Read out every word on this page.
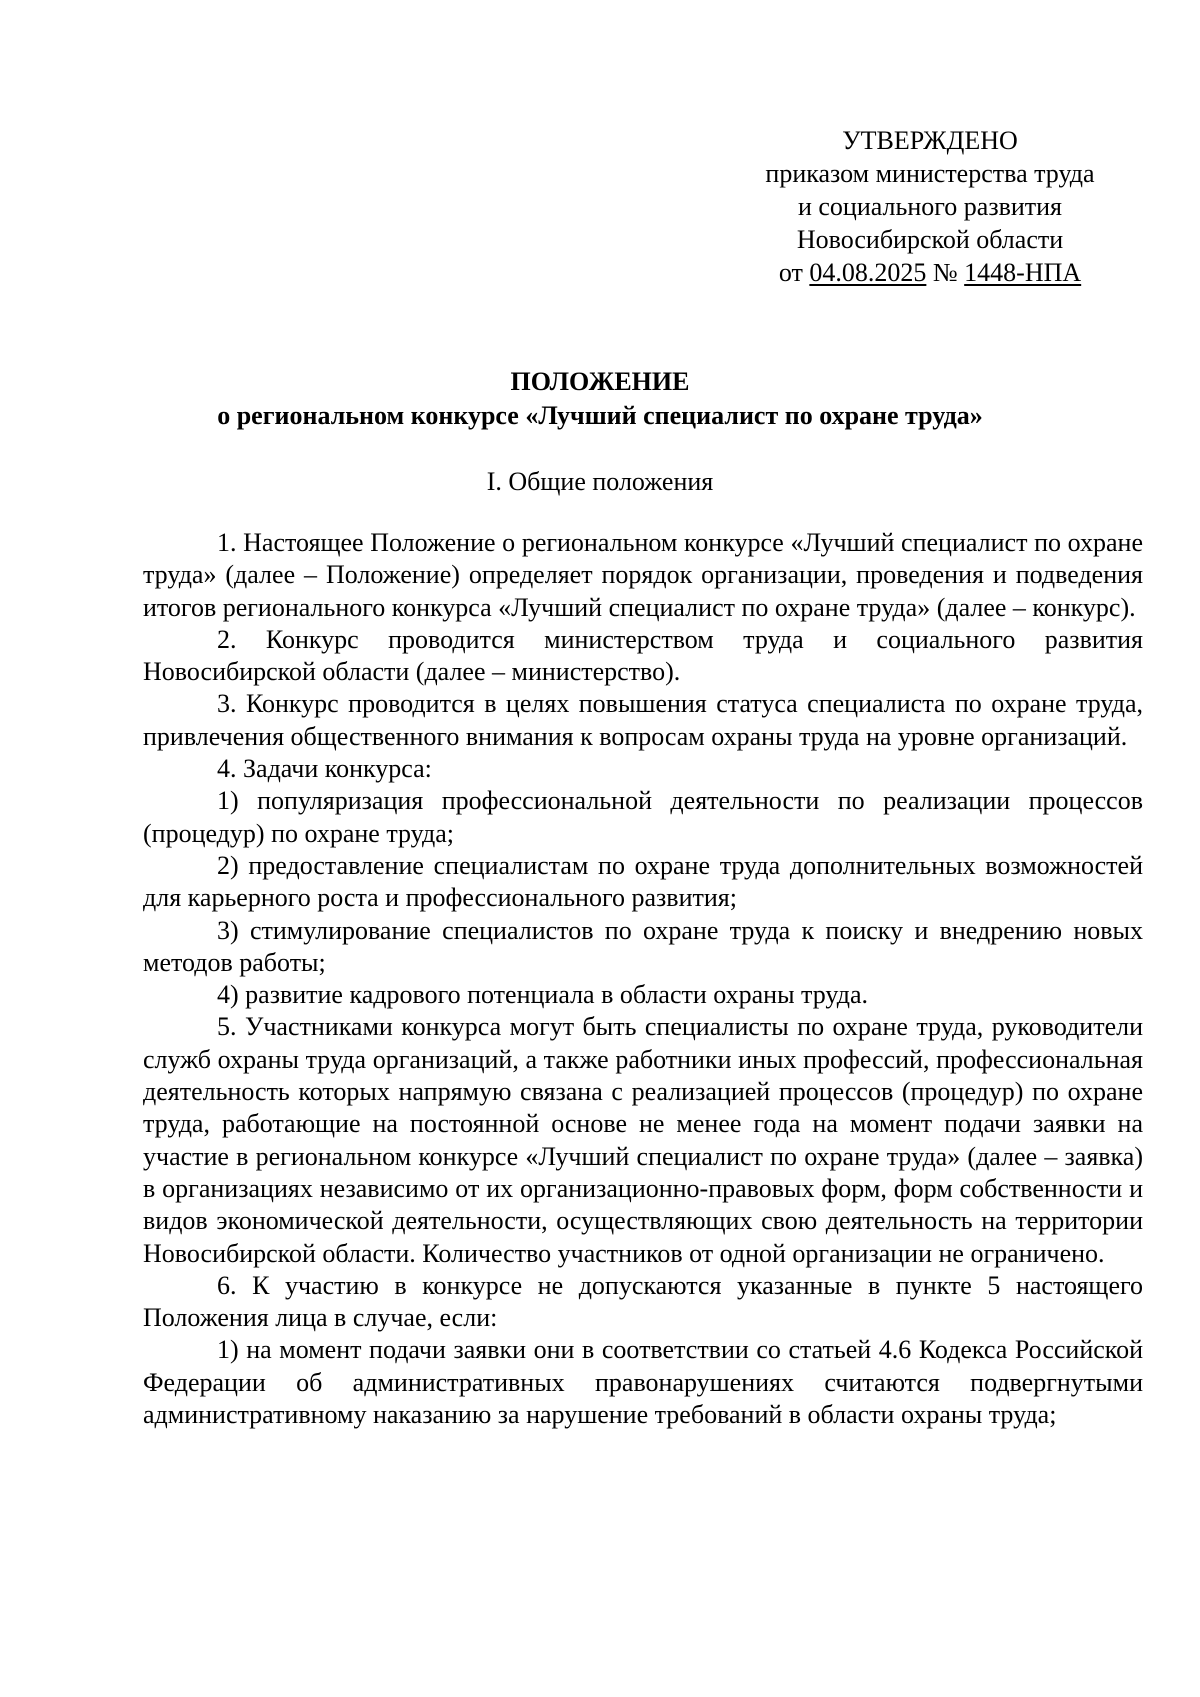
УТВЕРЖДЕНО
приказом министерства труда
и социального развития
Новосибирской области
от 04.08.2025 № 1448-НПА
ПОЛОЖЕНИЕ
о региональном конкурсе «Лучший специалист по охране труда»
I. Общие положения

1. Настоящее Положение о региональном конкурсе «Лучший специалист по охране труда» (далее – Положение) определяет порядок организации, проведения и подведения итогов регионального конкурса «Лучший специалист по охране труда» (далее – конкурс).

2. Конкурс проводится министерством труда и социального развития Новосибирской области (далее – министерство).

3. Конкурс проводится в целях повышения статуса специалиста по охране труда, привлечения общественного внимания к вопросам охраны труда на уровне организаций.

4. Задачи конкурса:

1) популяризация профессиональной деятельности по реализации процессов (процедур) по охране труда;

2) предоставление специалистам по охране труда дополнительных возможностей для карьерного роста и профессионального развития;

3) стимулирование специалистов по охране труда к поиску и внедрению новых методов работы;

4) развитие кадрового потенциала в области охраны труда.

5. Участниками конкурса могут быть специалисты по охране труда, руководители служб охраны труда организаций, а также работники иных профессий, профессиональная деятельность которых напрямую связана с реализацией процессов (процедур) по охране труда, работающие на постоянной основе не менее года на момент подачи заявки на участие в региональном конкурсе «Лучший специалист по охране труда» (далее – заявка) в организациях независимо от их организационно-правовых форм, форм собственности и видов экономической деятельности, осуществляющих свою деятельность на территории Новосибирской области. Количество участников от одной организации не ограничено.

6. К участию в конкурсе не допускаются указанные в пункте 5 настоящего Положения лица в случае, если:

1) на момент подачи заявки они в соответствии со статьей 4.6 Кодекса Российской Федерации об административных правонарушениях считаются подвергнутыми административному наказанию за нарушение требований в области охраны труда;
